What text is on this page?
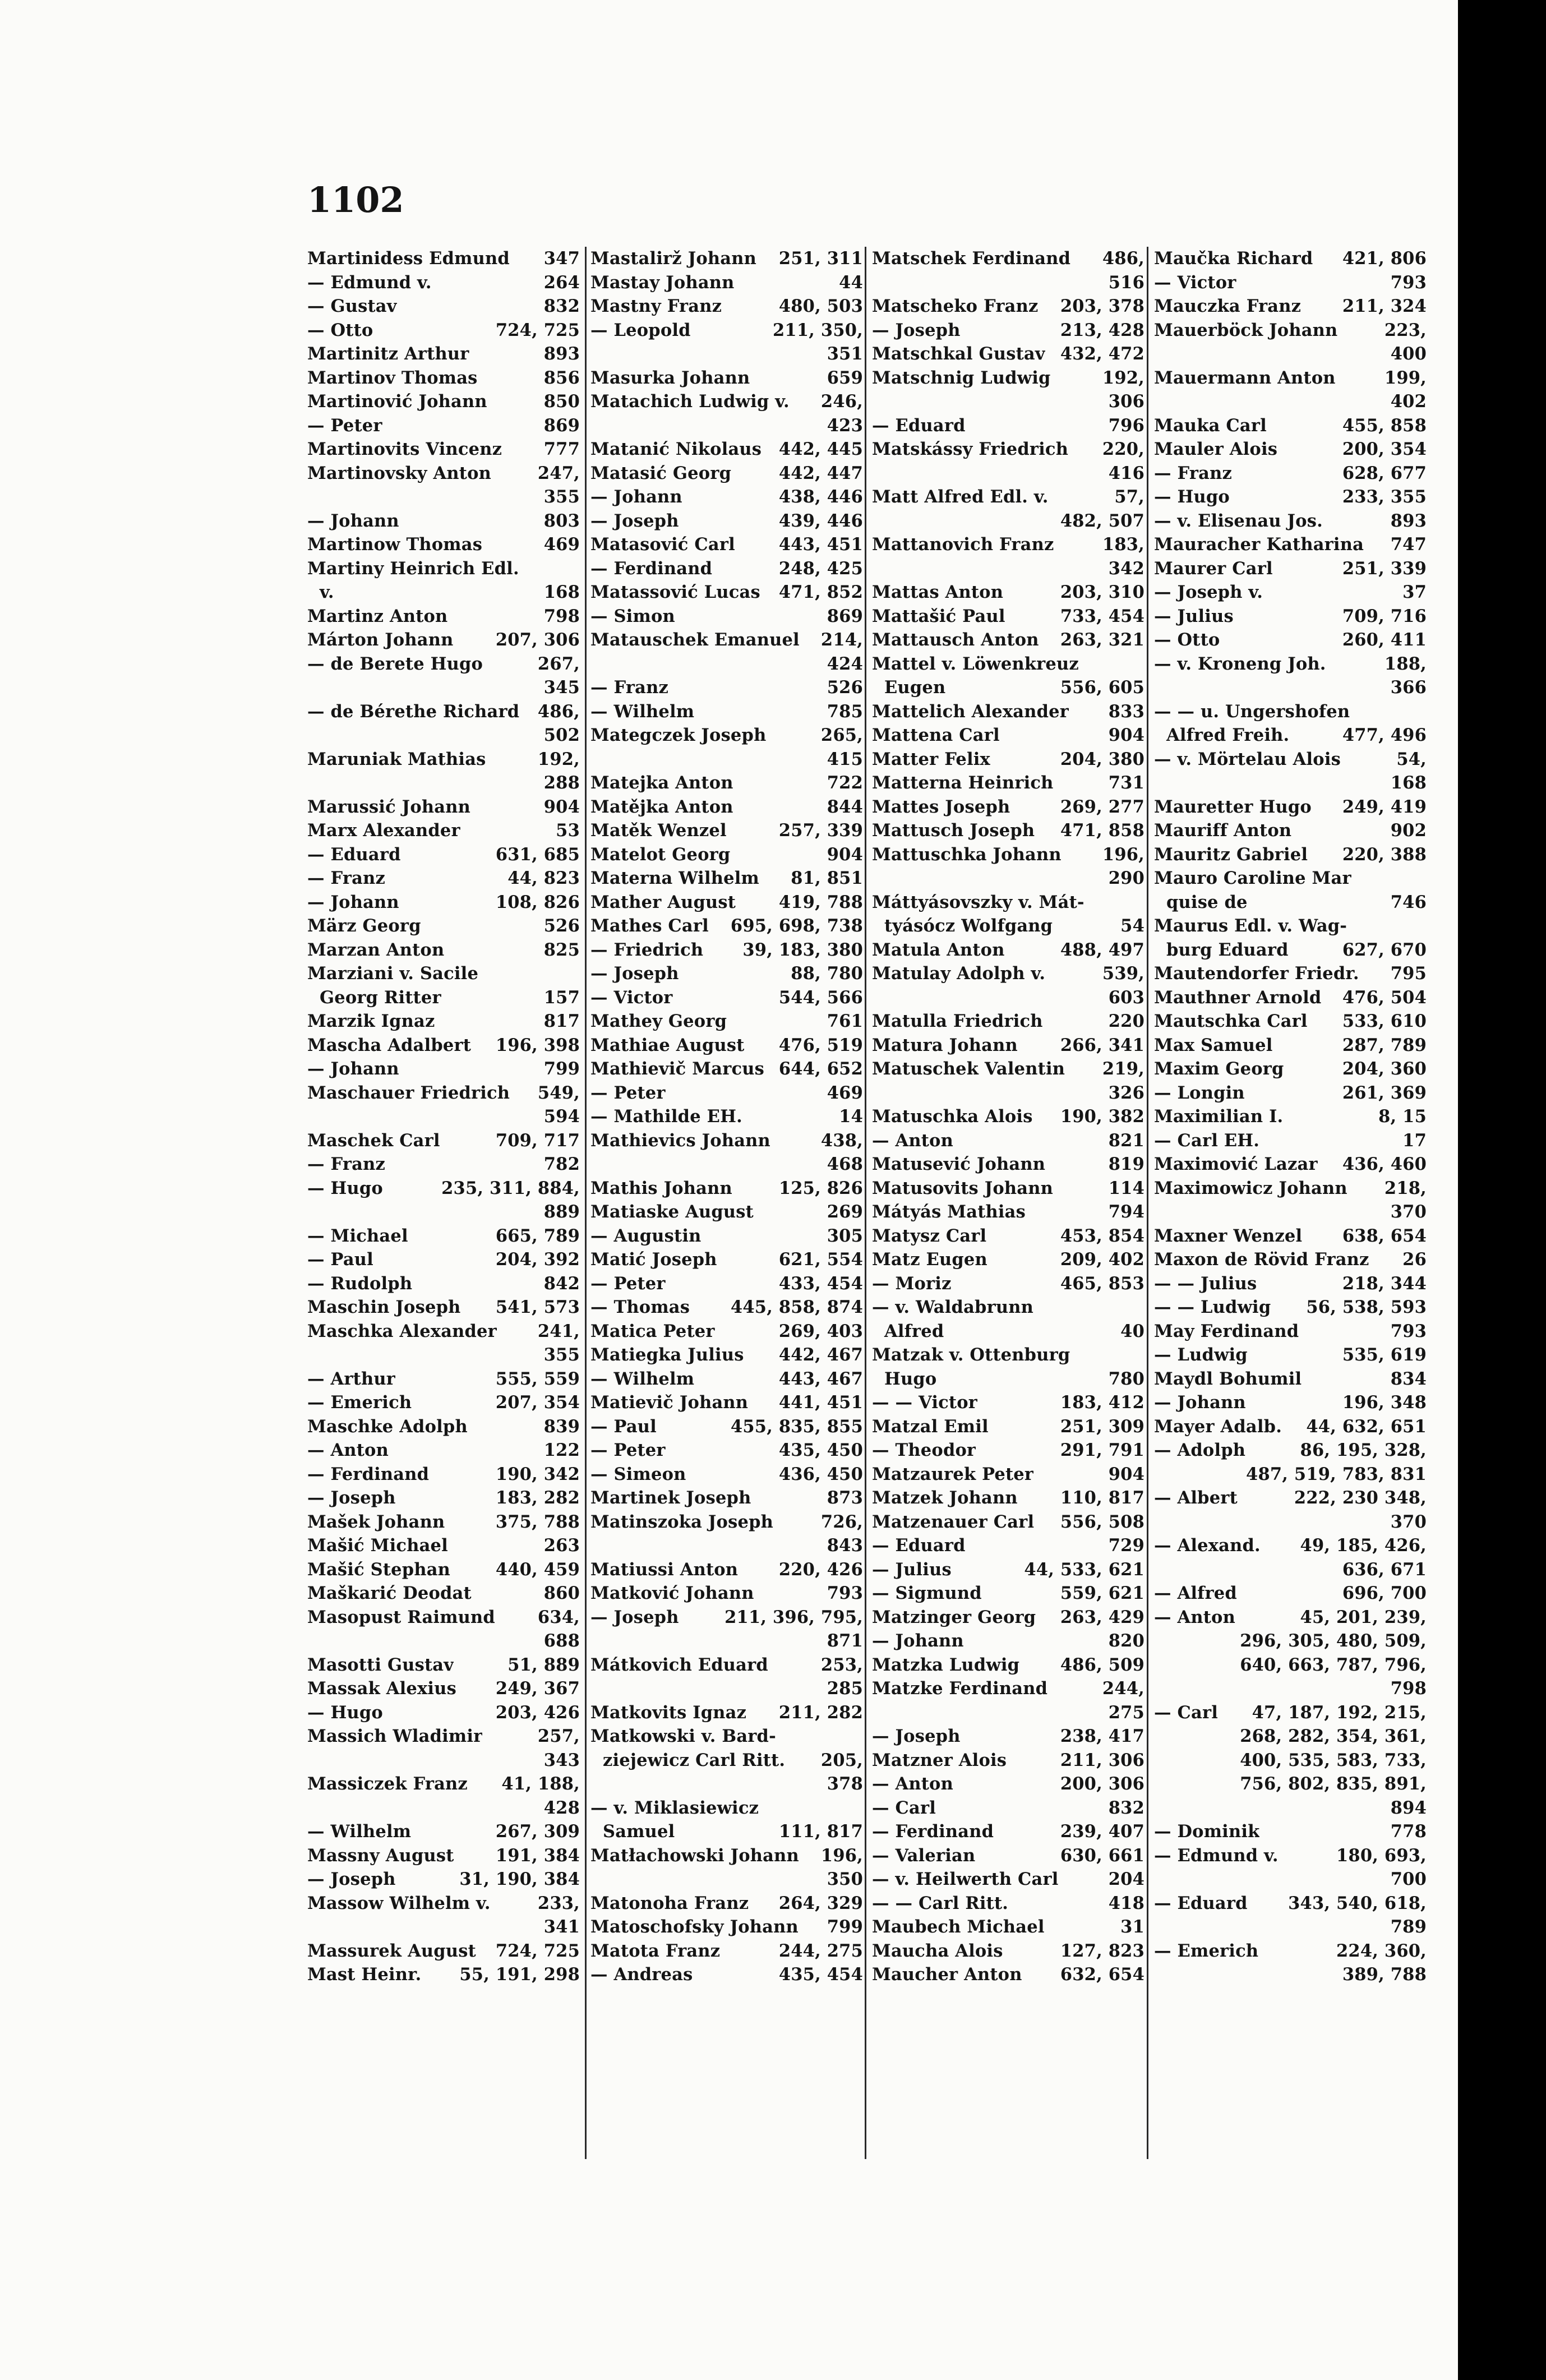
1102
Martinidess Edmund 347
— Edmund v.	264
— Gustav	832
— Otto	724, 725
Martinitz Arthur	893
Martinov Thomas	856
Martinović Johann	850
— Peter	869
Martinovits Vincenz 777
Martinovsky Anton	247,
355
— Johann	803
Martinow Thomas	469
Martiny Heinrich Edl.
v.	168
Martinz Anton	798
Márton Johann 207, 306
— de Berete Hugo	267,
345
— de Bérethe Richard 486,
502
Maruniak Mathias	192,
288
Marussić Johann	904
Marx Alexander	53
— Eduard	631, 685
— Franz	44, 823
— Johann	108, 826
März Georg	526
Marzan Anton	825
Marziani v. Sacile
Georg Ritter	157
Marzik Ignaz	817
Mascha Adalbert 196, 398
— Johann	799
Maschauer Friedrich 549,
594
Maschek Carl	709, 717
— Franz	782
— Hugo	235, 311, 884,
889
— Michael	665, 789
— Paul	204, 392
— Rudolph	842
Maschin Joseph 541, 573
Maschka Alexander 241,
355
— Arthur	555, 559
— Emerich	207, 354
Maschke Adolph	839
— Anton	122
— Ferdinand	190, 342
— Joseph	183, 282
Mašek Johann	375, 788
Mašić Michael	263
Mašić Stephan	440, 459
Maškarić Deodat	860
Masopust Raimund 634,
688
Masotti Gustav	51, 889
Massak Alexius 249, 367
— Hugo	203, 426
Massich Wladimir	257,
343
Massiczek Franz 41, 188,
428
— Wilhelm	267, 309
Massny August 191, 384
— Joseph	31, 190, 384
Massow Wilhelm v.	233,
341
Massurek August 724, 725
Mast Heinr. 55, 191, 298
Mastalirž Johann 251, 311
Mastay Johann	44
Mastny Franz	480, 503
— Leopold	211, 350,
351
Masurka Johann	659
Matachich Ludwig v. 246,
423
Matanić Nikolaus 442, 445
Matasić Georg	442, 447
— Johann	438, 446
— Joseph	439, 446
Matasović Carl	443, 451
— Ferdinand	248, 425
Matassović Lucas 471, 852
— Simon	869
Matauschek Emanuel 214,
424
— Franz	526
— Wilhelm	785
Mategczek Joseph	265,
415
Matejka Anton	722
Matějka Anton	844
Matěk Wenzel	257, 339
Matelot Georg	904
Materna Wilhelm 81, 851
Mather August	419, 788
Mathes Carl 695, 698, 738
— Friedrich 39, 183, 380
— Joseph	88, 780
— Victor	544, 566
Mathey Georg	761
Mathiae August 476, 519
Mathievič Marcus 644, 652
— Peter	469
— Mathilde EH.	14
Mathievics Johann	438,
468
Mathis Johann	125, 826
Matiaske August	269
— Augustin	305
Matić Joseph	621, 554
— Peter	433, 454
— Thomas 445, 858, 874
Matica Peter	269, 403
Matiegka Julius 442, 467
— Wilhelm	443, 467
Matievič Johann 441, 451
— Paul	455, 835, 855
— Peter	435, 450
— Simeon	436, 450
Martinek Joseph	873
Matinszoka Joseph	726,
843
Matiussi Anton 220, 426
Matković Johann	793
— Joseph	211, 396, 795,
871
Mátkovich Eduard	253,
285
Matkovits Ignaz 211, 282
Matkowski v. Bard-
ziejewicz Carl Ritt. 205,
378
— v. Miklasiewicz
Samuel	111, 817
Matłachowski Johann 196,
350
Matonoha Franz 264, 329
Matoschofsky Johann 799
Matota Franz	244, 275
— Andreas	435, 454
Matschek Ferdinand 486,
516
Matscheko Franz 203, 378
— Joseph	213, 428
Matschkal Gustav 432, 472
Matschnig Ludwig	192,
306
— Eduard	796
Matskássy Friedrich 220,
416
Matt Alfred Edl. v.	57,
482, 507
Mattanovich Franz	183,
342
Mattas Anton	203, 310
Mattašić Paul	733, 454
Mattausch Anton 263, 321
Mattel v. Löwenkreuz
Eugen	556, 605
Mattelich Alexander 833
Mattena Carl	904
Matter Felix	204, 380
Matterna Heinrich	731
Mattes Joseph	269, 277
Mattusch Joseph 471, 858
Mattuschka Johann 196,
290
Máttyásovszky v. Mát-
tyásócz Wolfgang	54
Matula Anton	488, 497
Matulay Adolph v.	539,
603
Matulla Friedrich	220
Matura Johann 266, 341
Matuschek Valentin 219,
326
Matuschka Alois 190, 382
— Anton	821
Matusević Johann	819
Matusovits Johann	114
Mátyás Mathias	794
Matysz Carl	453, 854
Matz Eugen	209, 402
— Moriz	465, 853
— v. Waldabrunn
Alfred	40
Matzak v. Ottenburg
Hugo	780
— — Victor	183, 412
Matzal Emil	251, 309
— Theodor	291, 791
Matzaurek Peter	904
Matzek Johann 110, 817
Matzenauer Carl 556, 508
— Eduard	729
— Julius	44, 533, 621
— Sigmund	559, 621
Matzinger Georg 263, 429
— Johann	820
Matzka Ludwig 486, 509
Matzke Ferdinand	244,
275
— Joseph	238, 417
Matzner Alois	211, 306
— Anton	200, 306
— Carl	832
— Ferdinand	239, 407
— Valerian	630, 661
— v. Heilwerth Carl	204
— — Carl Ritt.	418
Maubech Michael	31
Maucha Alois	127, 823
Maucher Anton 632, 654
Maučka Richard 421, 806
— Victor	793
Mauczka Franz 211, 324
Mauerböck Johann	223,
400
Mauermann Anton	199,
402
Mauka Carl	455, 858
Mauler Alois	200, 354
— Franz	628, 677
— Hugo	233, 355
— v. Elisenau Jos.	893
Mauracher Katharina 747
Maurer Carl	251, 339
— Joseph v.	37
— Julius	709, 716
— Otto	260, 411
— v. Kroneng Joh.	188,
366
— — u. Ungershofen
Alfred Freih.	477, 496
— v. Mörtelau Alois	54,
168
Mauretter Hugo 249, 419
Mauriff Anton	902
Mauritz Gabriel 220, 388
Mauro Caroline Mar
quise de	746
Maurus Edl. v. Wag-
burg Eduard	627, 670
Mautendorfer Friedr. 795
Mauthner Arnold 476, 504
Mautschka Carl 533, 610
Max Samuel	287, 789
Maxim Georg	204, 360
— Longin	261, 369
Maximilian I.	8, 15
— Carl EH.	17
Maximović Lazar 436, 460
Maximowicz Johann 218,
370
Maxner Wenzel 638, 654
Maxon de Rövid Franz 26
— — Julius	218, 344
— — Ludwig 56, 538, 593
May Ferdinand	793
— Ludwig	535, 619
Maydl Bohumil	834
— Johann	196, 348
Mayer Adalb. 44, 632, 651
— Adolph	86, 195, 328,
487, 519, 783, 831
— Albert	222, 230 348,
370
— Alexand. 49, 185, 426,
636, 671
— Alfred	696, 700
— Anton	45, 201, 239,
296, 305, 480, 509,
640, 663, 787, 796,
798
— Carl 47, 187, 192, 215,
268, 282, 354, 361,
400, 535, 583, 733,
756, 802, 835, 891,
894
— Dominik	778
— Edmund v.	180, 693,
700
— Eduard 343, 540, 618,
789
— Emerich	224, 360,
389, 788
